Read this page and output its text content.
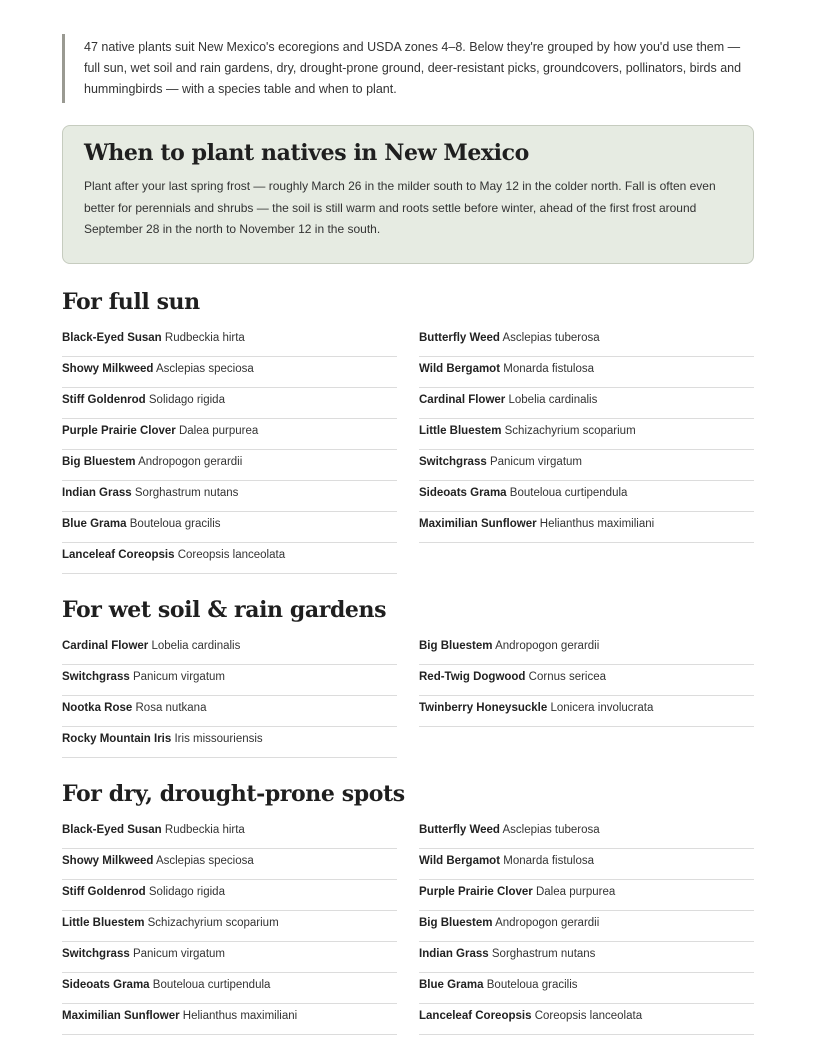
47 native plants suit New Mexico's ecoregions and USDA zones 4–8. Below they're grouped by how you'd use them — full sun, wet soil and rain gardens, dry, drought-prone ground, deer-resistant picks, groundcovers, pollinators, birds and hummingbirds — with a species table and when to plant.
When to plant natives in New Mexico

Plant after your last spring frost — roughly March 26 in the milder south to May 12 in the colder north. Fall is often even better for perennials and shrubs — the soil is still warm and roots settle before winter, ahead of the first frost around September 28 in the north to November 12 in the south.

For full sun
Black-Eyed Susan Rudbeckia hirta
Showy Milkweed Asclepias speciosa
Stiff Goldenrod Solidago rigida
Purple Prairie Clover Dalea purpurea
Big Bluestem Andropogon gerardii
Indian Grass Sorghastrum nutans
Blue Grama Bouteloua gracilis
Lanceleaf Coreopsis Coreopsis lanceolata
Butterfly Weed Asclepias tuberosa
Wild Bergamot Monarda fistulosa
Cardinal Flower Lobelia cardinalis
Little Bluestem Schizachyrium scoparium
Switchgrass Panicum virgatum
Sideoats Grama Bouteloua curtipendula
Maximilian Sunflower Helianthus maximiliani
For wet soil & rain gardens
Cardinal Flower Lobelia cardinalis
Switchgrass Panicum virgatum
Nootka Rose Rosa nutkana
Rocky Mountain Iris Iris missouriensis
Big Bluestem Andropogon gerardii
Red-Twig Dogwood Cornus sericea
Twinberry Honeysuckle Lonicera involucrata
For dry, drought-prone spots
Black-Eyed Susan Rudbeckia hirta
Showy Milkweed Asclepias speciosa
Stiff Goldenrod Solidago rigida
Little Bluestem Schizachyrium scoparium
Switchgrass Panicum virgatum
Sideoats Grama Bouteloua curtipendula
Maximilian Sunflower Helianthus maximiliani
Butterfly Weed Asclepias tuberosa
Wild Bergamot Monarda fistulosa
Purple Prairie Clover Dalea purpurea
Big Bluestem Andropogon gerardii
Indian Grass Sorghastrum nutans
Blue Grama Bouteloua gracilis
Lanceleaf Coreopsis Coreopsis lanceolata
